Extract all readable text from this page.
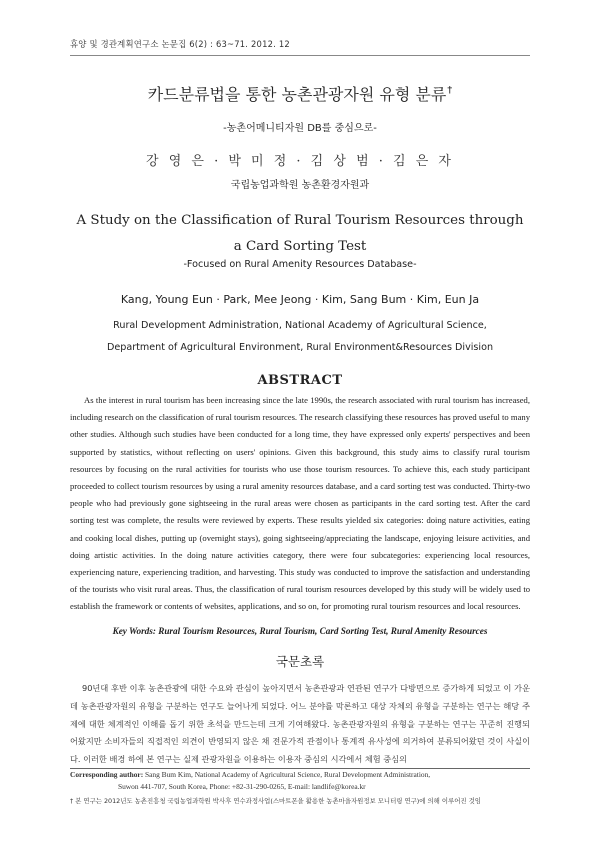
휴양 및 경관계획연구소 논문집 6(2) : 63~71. 2012. 12
카드분류법을 통한 농촌관광자원 유형 분류†
-농촌어메니티자원 DB를 중심으로-
강 영 은 · 박 미 정 · 김 상 범 · 김 은 자
국립농업과학원 농촌환경자원과
A Study on the Classification of Rural Tourism Resources through
a Card Sorting Test
-Focused on Rural Amenity Resources Database-
Kang, Young Eun · Park, Mee Jeong · Kim, Sang Bum · Kim, Eun Ja
Rural Development Administration, National Academy of Agricultural Science,
Department of Agricultural Environment, Rural Environment&Resources Division
ABSTRACT

As the interest in rural tourism has been increasing since the late 1990s, the research associated with rural tourism has increased, including research on the classification of rural tourism resources. The research classifying these resources has proved useful to many other studies. Although such studies have been conducted for a long time, they have expressed only experts' perspectives and been supported by statistics, without reflecting on users' opinions. Given this background, this study aims to classify rural tourism resources by focusing on the rural activities for tourists who use those tourism resources. To achieve this, each study participant proceeded to collect tourism resources by using a rural amenity resources database, and a card sorting test was conducted. Thirty-two people who had previously gone sightseeing in the rural areas were chosen as participants in the card sorting test. After the card sorting test was complete, the results were reviewed by experts. These results yielded six categories: doing nature activities, eating and cooking local dishes, putting up (overnight stays), going sightseeing/appreciating the landscape, enjoying leisure activities, and doing artistic activities. In the doing nature activities category, there were four subcategories: experiencing local resources, experiencing nature, experiencing tradition, and harvesting. This study was conducted to improve the satisfaction and understanding of the tourists who visit rural areas. Thus, the classification of rural tourism resources developed by this study will be widely used to establish the framework or contents of websites, applications, and so on, for promoting rural tourism resources and local resources.

Key Words: Rural Tourism Resources, Rural Tourism, Card Sorting Test, Rural Amenity Resources
국문초록

90년대 후반 이후 농촌관광에 대한 수요와 관심이 높아지면서 농촌관광과 연관된 연구가 다방면으로 증가하게 되었고 이 가운데 농촌관광자원의 유형을 구분하는 연구도 늘어나게 되었다. 어느 분야를 막론하고 대상 자체의 유형을 구분하는 연구는 해당 주제에 대한 체계적인 이해를 돕기 위한 초석을 만드는데 크게 기여해왔다. 농촌관광자원의 유형을 구분하는 연구는 꾸준히 진행되어왔지만 소비자들의 직접적인 의견이 반영되지 않은 채 전문가적 관점이나 통계적 유사성에 의거하여 분류되어왔던 것이 사실이다. 이러한 배경 하에 본 연구는 실제 관광자원을 이용하는 이용자 중심의 시각에서 체험 중심의

Corresponding author: Sang Bum Kim, National Academy of Agricultural Science, Rural Development Administration,
Suwon 441-707, South Korea, Phone: +82-31-290-0265, E-mail: landlife@korea.kr
† 본 연구는 2012년도 농촌진흥청 국립농업과학원 박사후 연수과정사업(스마트폰을 활용한 농촌마을자원정보 모니터링 연구)에 의해 이루어진 것임
